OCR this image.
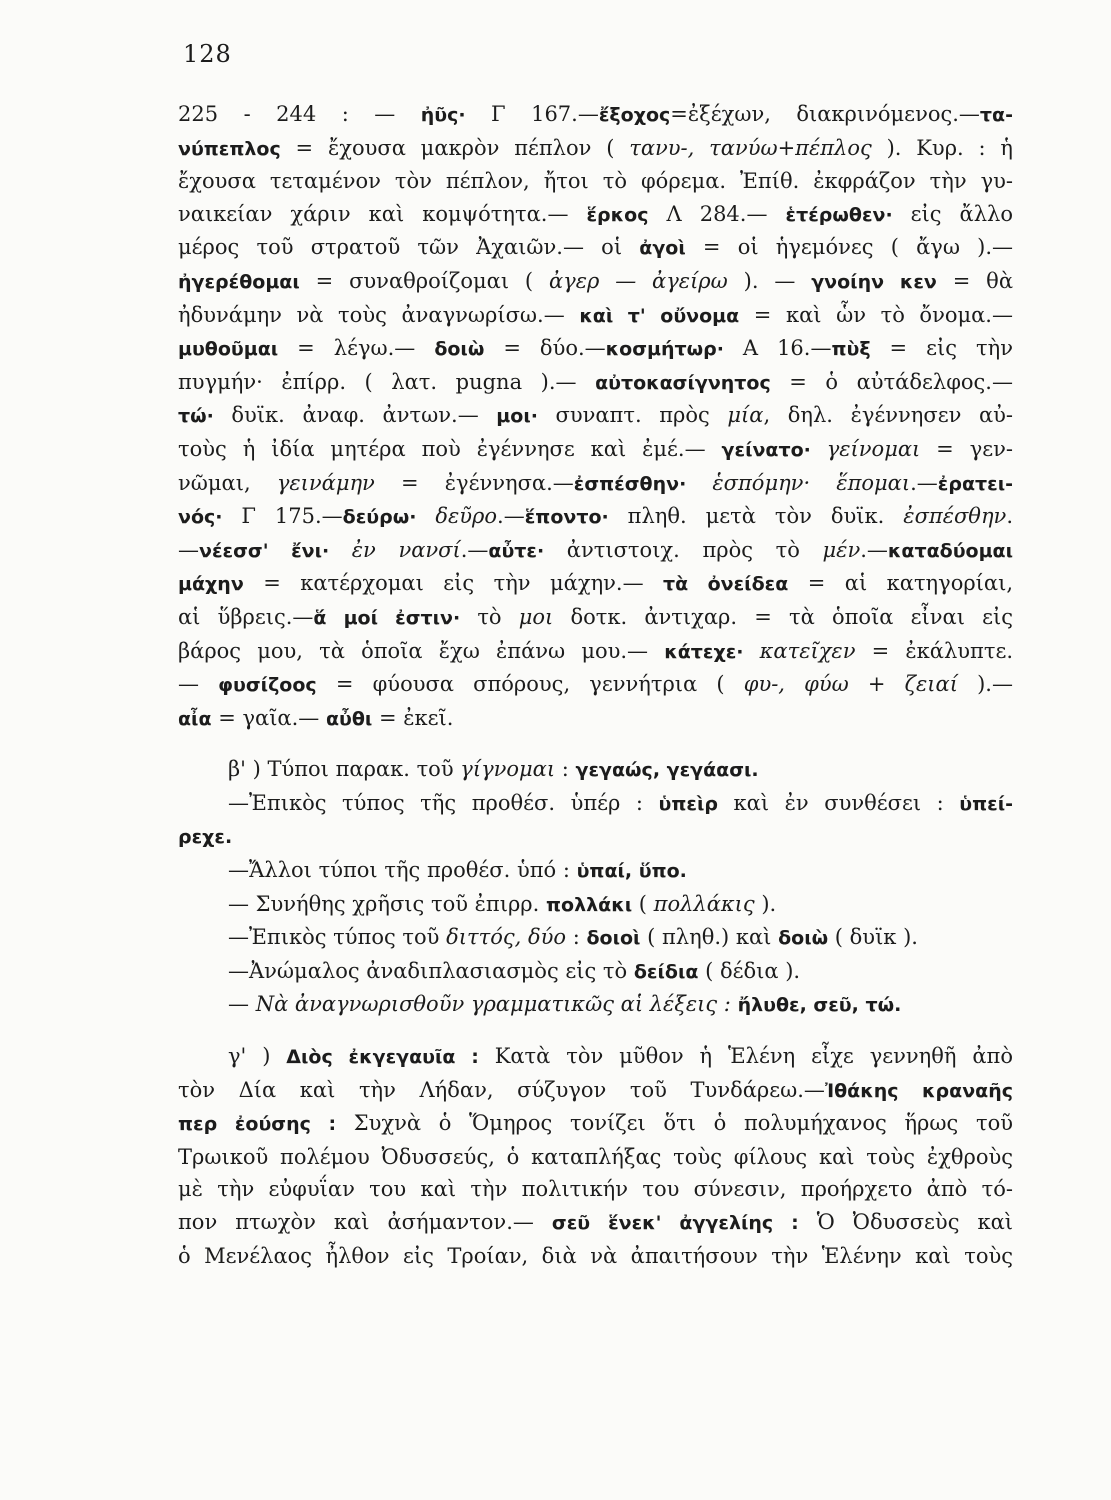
128
225 - 244 : — ἠῦς· Γ 167.—ἔξοχος=ἐξέχων, διακρινόμενος.—τα-
νύπεπλος = ἔχουσα μακρὸν πέπλον ( τανυ-, τανύω+πέπλος ). Κυρ. : ἡ
ἔχουσα τεταμένον τὸν πέπλον, ἤτοι τὸ φόρεμα. Ἐπίθ. ἐκφράζον τὴν γυ-
ναικείαν χάριν καὶ κομψότητα.— ἕρκος Λ 284.— ἑτέρωθεν· εἰς ἄλλο
μέρος τοῦ στρατοῦ τῶν Ἀχαιῶν.— οἱ ἀγοὶ = οἱ ἡγεμόνες ( ἄγω ).—
ἠγερέθομαι = συναθροίζομαι ( ἀγερ — ἀγείρω ). — γνοίην κεν = θὰ
ἠδυνάμην νὰ τοὺς ἀναγνωρίσω.— καὶ τ' οὔνομα = καὶ ὧν τὸ ὄνομα.—
μυθοῦμαι = λέγω.— δοιὼ = δύο.—κοσμήτωρ· Α 16.—πὺξ = εἰς τὴν
πυγμήν· ἐπίρρ. ( λατ. pugna ).— αὐτοκασίγνητος = ὁ αὐτάδελφος.—
τώ· δυϊκ. ἀναφ. ἀντων.— μοι· συναπτ. πρὸς μία, δηλ. ἐγέννησεν αὐ-
τοὺς ἡ ἰδία μητέρα ποὺ ἐγέννησε καὶ ἐμέ.— γείνατο· γείνομαι = γεν-
νῶμαι, γεινάμην = ἐγέννησα.—ἐσπέσθην· ἑσπόμην· ἕπομαι.—ἐρατει-
νός· Γ 175.—δεύρω· δεῦρο.—ἕποντο· πληθ. μετὰ τὸν δυϊκ. ἐσπέσθην.
—νέεσσ' ἔνι· ἐν νανσί.—αὖτε· ἀντιστοιχ. πρὸς τὸ μέν.—καταδύομαι
μάχην = κατέρχομαι εἰς τὴν μάχην.— τὰ ὀνείδεα = αἱ κατηγορίαι,
αἱ ὕβρεις.—ἅ μοί ἐστιν· τὸ μοι δοτκ. ἀντιχαρ. = τὰ ὁποῖα εἶναι εἰς
βάρος μου, τὰ ὁποῖα ἔχω ἐπάνω μου.— κάτεχε· κατεῖχεν = ἐκάλυπτε.
— φυσίζοος = φύουσα σπόρους, γεννήτρια ( φυ-, φύω + ζειαί ).—
αἶα = γαῖα.— αὖθι = ἐκεῖ.
β' ) Τύποι παρακ. τοῦ γίγνομαι : γεγαώς, γεγάασι.
—Ἐπικὸς τύπος τῆς προθέσ. ὑπέρ : ὑπεὶρ καὶ ἐν συνθέσει : ὑπεί-
ρεχε.
—Ἄλλοι τύποι τῆς προθέσ. ὑπό : ὑπαί, ὕπο.
— Συνήθης χρῆσις τοῦ ἐπιρρ. πολλάκι ( πολλάκις ).
—Ἐπικὸς τύπος τοῦ διττός, δύο : δοιοὶ ( πληθ.) καὶ δοιὼ ( δυϊκ ).
—Ἀνώμαλος ἀναδιπλασιασμὸς εἰς τὸ δείδια ( δέδια ).
— Νὰ ἀναγνωρισθοῦν γραμματικῶς αἱ λέξεις : ἤλυθε, σεῦ, τώ.
γ' ) Διὸς ἐκγεγαυῖα : Κατὰ τὸν μῦθον ἡ Ἑλένη εἶχε γεννηθῆ ἀπὸ
τὸν Δία καὶ τὴν Λήδαν, σύζυγον τοῦ Τυνδάρεω.—Ἰθάκης κραναῆς
περ ἐούσης : Συχνὰ ὁ Ὅμηρος τονίζει ὅτι ὁ πολυμήχανος ἥρως τοῦ
Τρωικοῦ πολέμου Ὀδυσσεύς, ὁ καταπλήξας τοὺς φίλους καὶ τοὺς ἐχθροὺς
μὲ τὴν εὐφυΐαν του καὶ τὴν πολιτικήν του σύνεσιν, προήρχετο ἀπὸ τό-
πον πτωχὸν καὶ ἀσήμαντον.— σεῦ ἕνεκ' ἀγγελίης : Ὁ Ὀδυσσεὺς καὶ
ὁ Μενέλαος ἦλθον εἰς Τροίαν, διὰ νὰ ἀπαιτήσουν τὴν Ἑλένην καὶ τοὺς
